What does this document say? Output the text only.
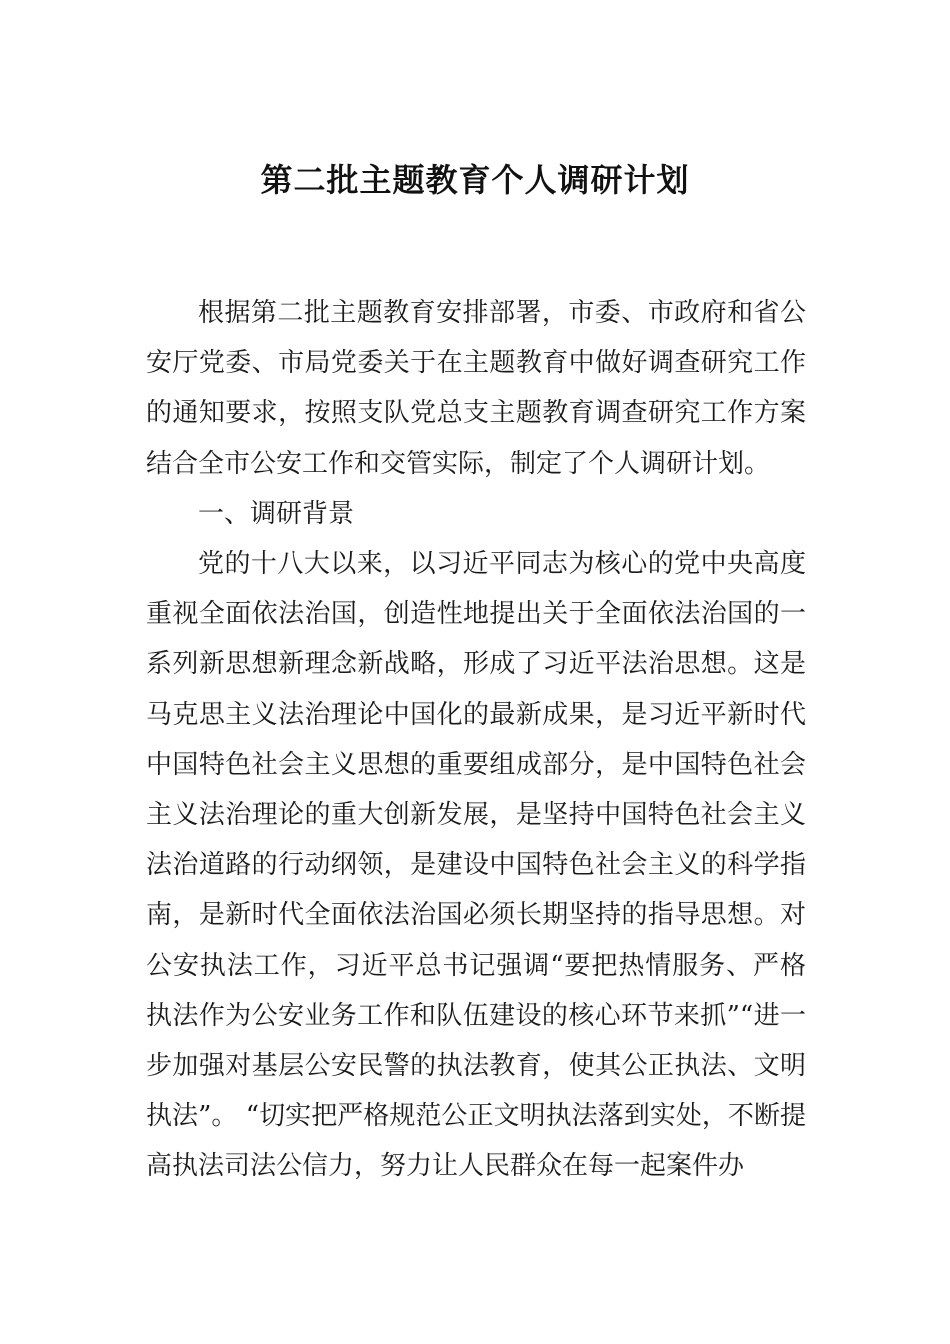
第二批主题教育个人调研计划

根据第二批主题教育安排部署，市委、市政府和省公安厅党委、市局党委关于在主题教育中做好调查研究工作的通知要求，按照支队党总支主题教育调查研究工作方案结合全市公安工作和交管实际，制定了个人调研计划。

一、调研背景

党的十八大以来，以习近平同志为核心的党中央高度重视全面依法治国，创造性地提出关于全面依法治国的一系列新思想新理念新战略，形成了习近平法治思想。这是马克思主义法治理论中国化的最新成果，是习近平新时代中国特色社会主义思想的重要组成部分，是中国特色社会主义法治理论的重大创新发展，是坚持中国特色社会主义法治道路的行动纲领，是建设中国特色社会主义的科学指南，是新时代全面依法治国必须长期坚持的指导思想。对公安执法工作，习近平总书记强调“要把热情服务、严格执法作为公安业务工作和队伍建设的核心环节来抓”“进一步加强对基层公安民警的执法教育，使其公正执法、文明执法”。 “切实把严格规范公正文明执法落到实处，不断提高执法司法公信力，努力让人民群众在每一起案件办
